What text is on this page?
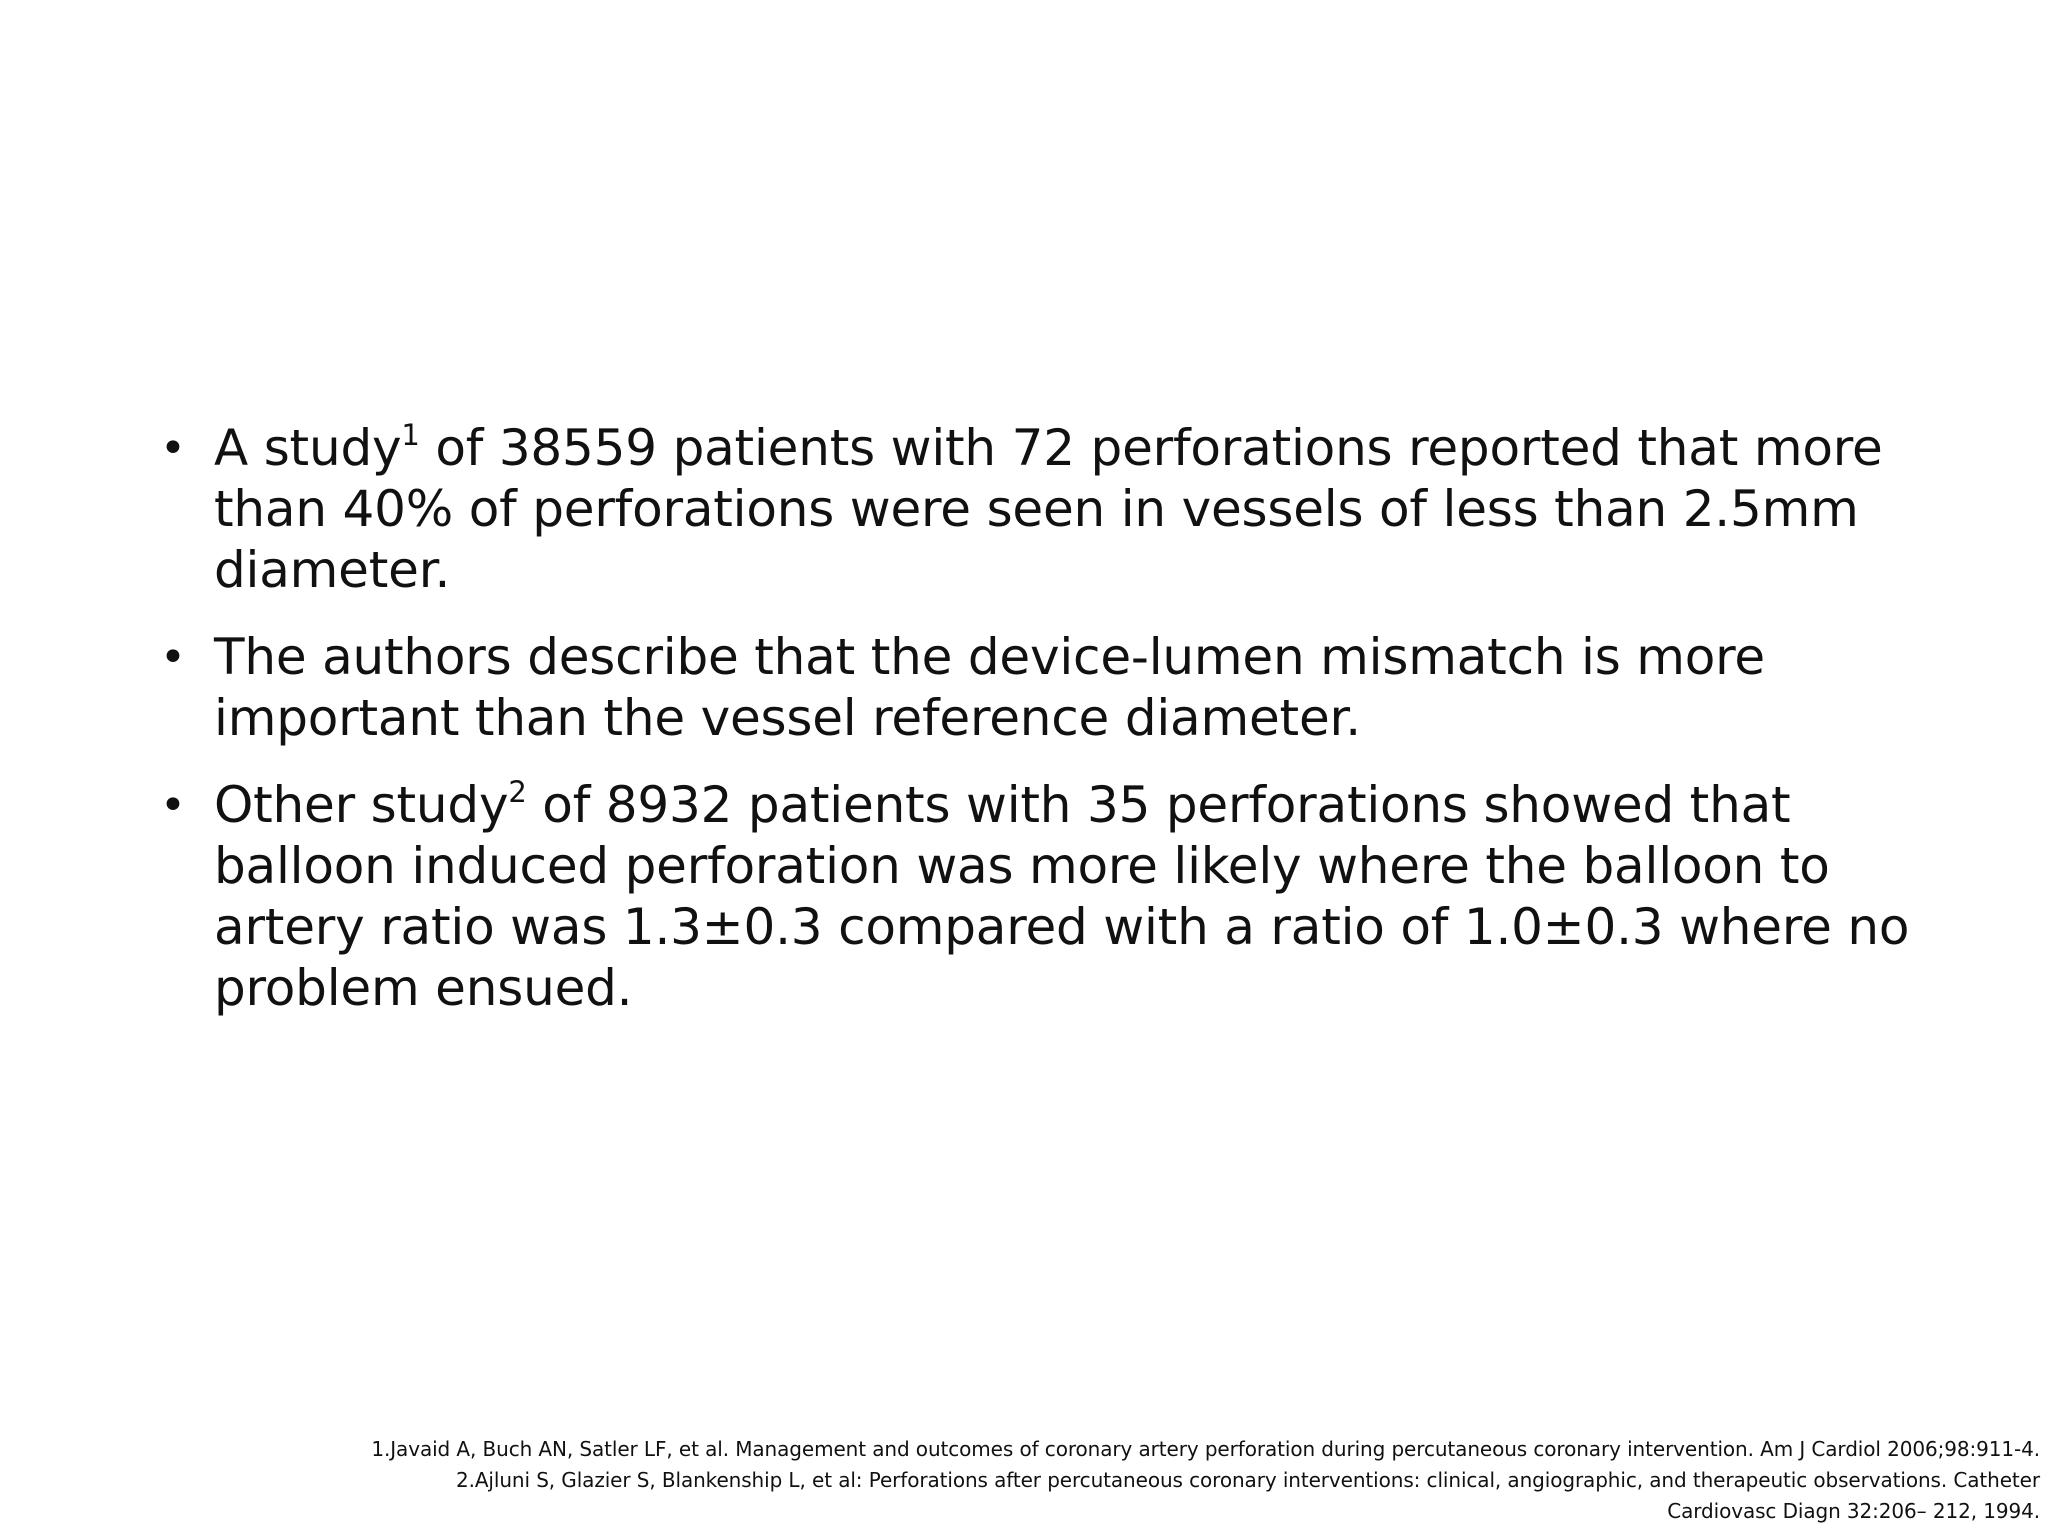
• A study$^1$ of 38559 patients with 72 perforations reported that more than 40% of perforations were seen in vessels of less than 2.5mm diameter.
• The authors describe that the device-lumen mismatch is more important than the vessel reference diameter.
• Other study$^2$ of 8932 patients with 35 perforations showed that balloon induced perforation was more likely where the balloon to artery ratio was 1.3±0.3 compared with a ratio of 1.0±0.3 where no problem ensued.
1.Javaid A, Buch AN, Satler LF, et al. Management and outcomes of coronary artery perforation during percutaneous coronary intervention. Am J Cardiol 2006;98:911-4.
2.Ajluni S, Glazier S, Blankenship L, et al: Perforations after percutaneous coronary interventions: clinical, angiographic, and therapeutic observations. Catheter
Cardiovasc Diagn 32:206– 212, 1994.
